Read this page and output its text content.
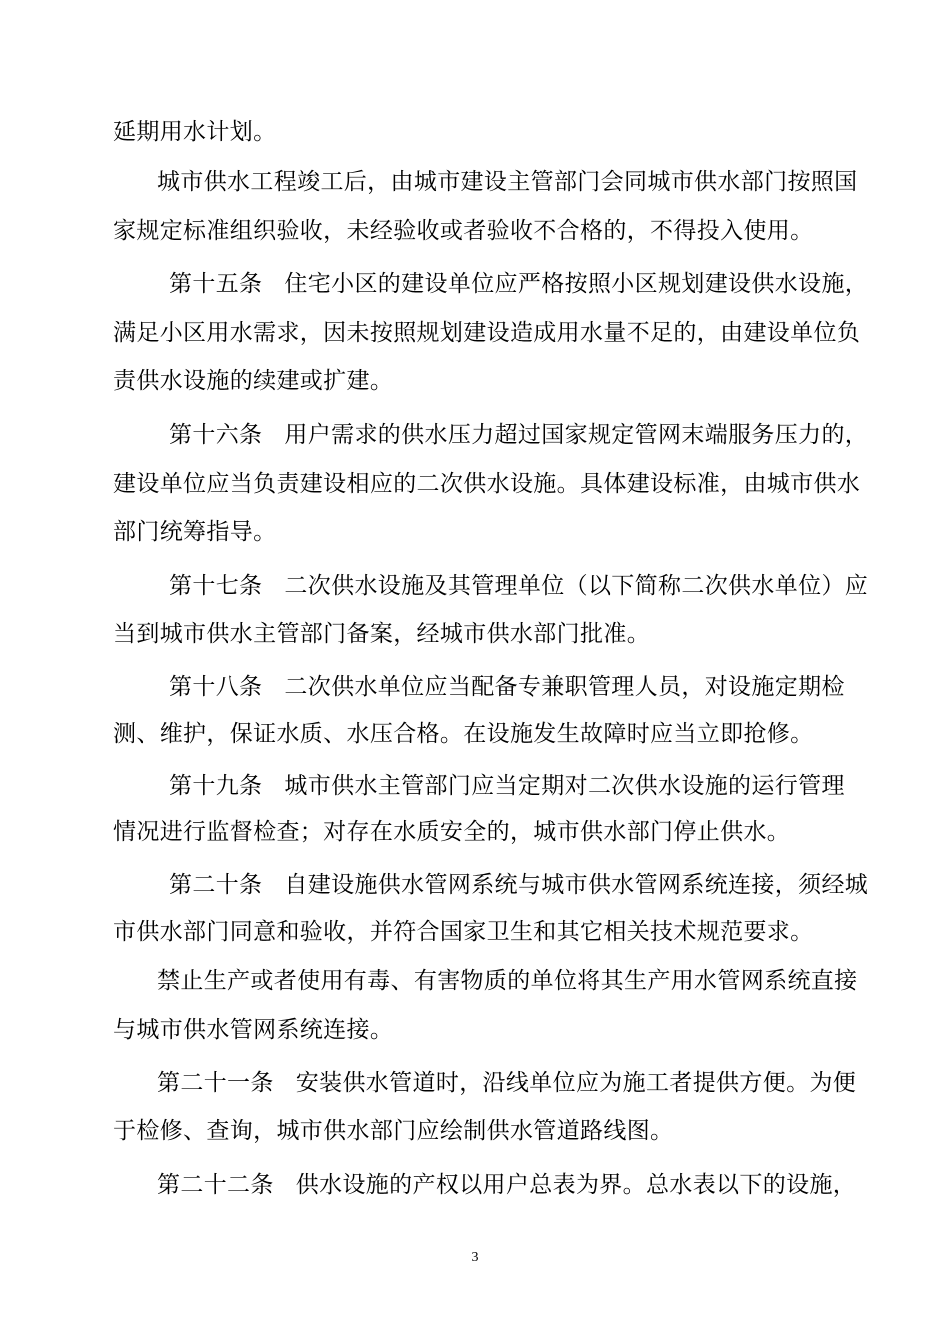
延期用水计划。
城市供水工程竣工后，由城市建设主管部门会同城市供水部门按照国
家规定标准组织验收，未经验收或者验收不合格的，不得投入使用。
第十五条 住宅小区的建设单位应严格按照小区规划建设供水设施，
满足小区用水需求，因未按照规划建设造成用水量不足的，由建设单位负
责供水设施的续建或扩建。
第十六条 用户需求的供水压力超过国家规定管网末端服务压力的，
建设单位应当负责建设相应的二次供水设施。具体建设标准，由城市供水
部门统筹指导。
第十七条 二次供水设施及其管理单位（以下简称二次供水单位）应
当到城市供水主管部门备案，经城市供水部门批准。
第十八条 二次供水单位应当配备专兼职管理人员，对设施定期检
测、维护，保证水质、水压合格。在设施发生故障时应当立即抢修。
第十九条 城市供水主管部门应当定期对二次供水设施的运行管理
情况进行监督检查；对存在水质安全的，城市供水部门停止供水。
第二十条 自建设施供水管网系统与城市供水管网系统连接，须经城
市供水部门同意和验收，并符合国家卫生和其它相关技术规范要求。
禁止生产或者使用有毒、有害物质的单位将其生产用水管网系统直接
与城市供水管网系统连接。
第二十一条 安装供水管道时，沿线单位应为施工者提供方便。为便
于检修、查询，城市供水部门应绘制供水管道路线图。
第二十二条 供水设施的产权以用户总表为界。总水表以下的设施，
3
